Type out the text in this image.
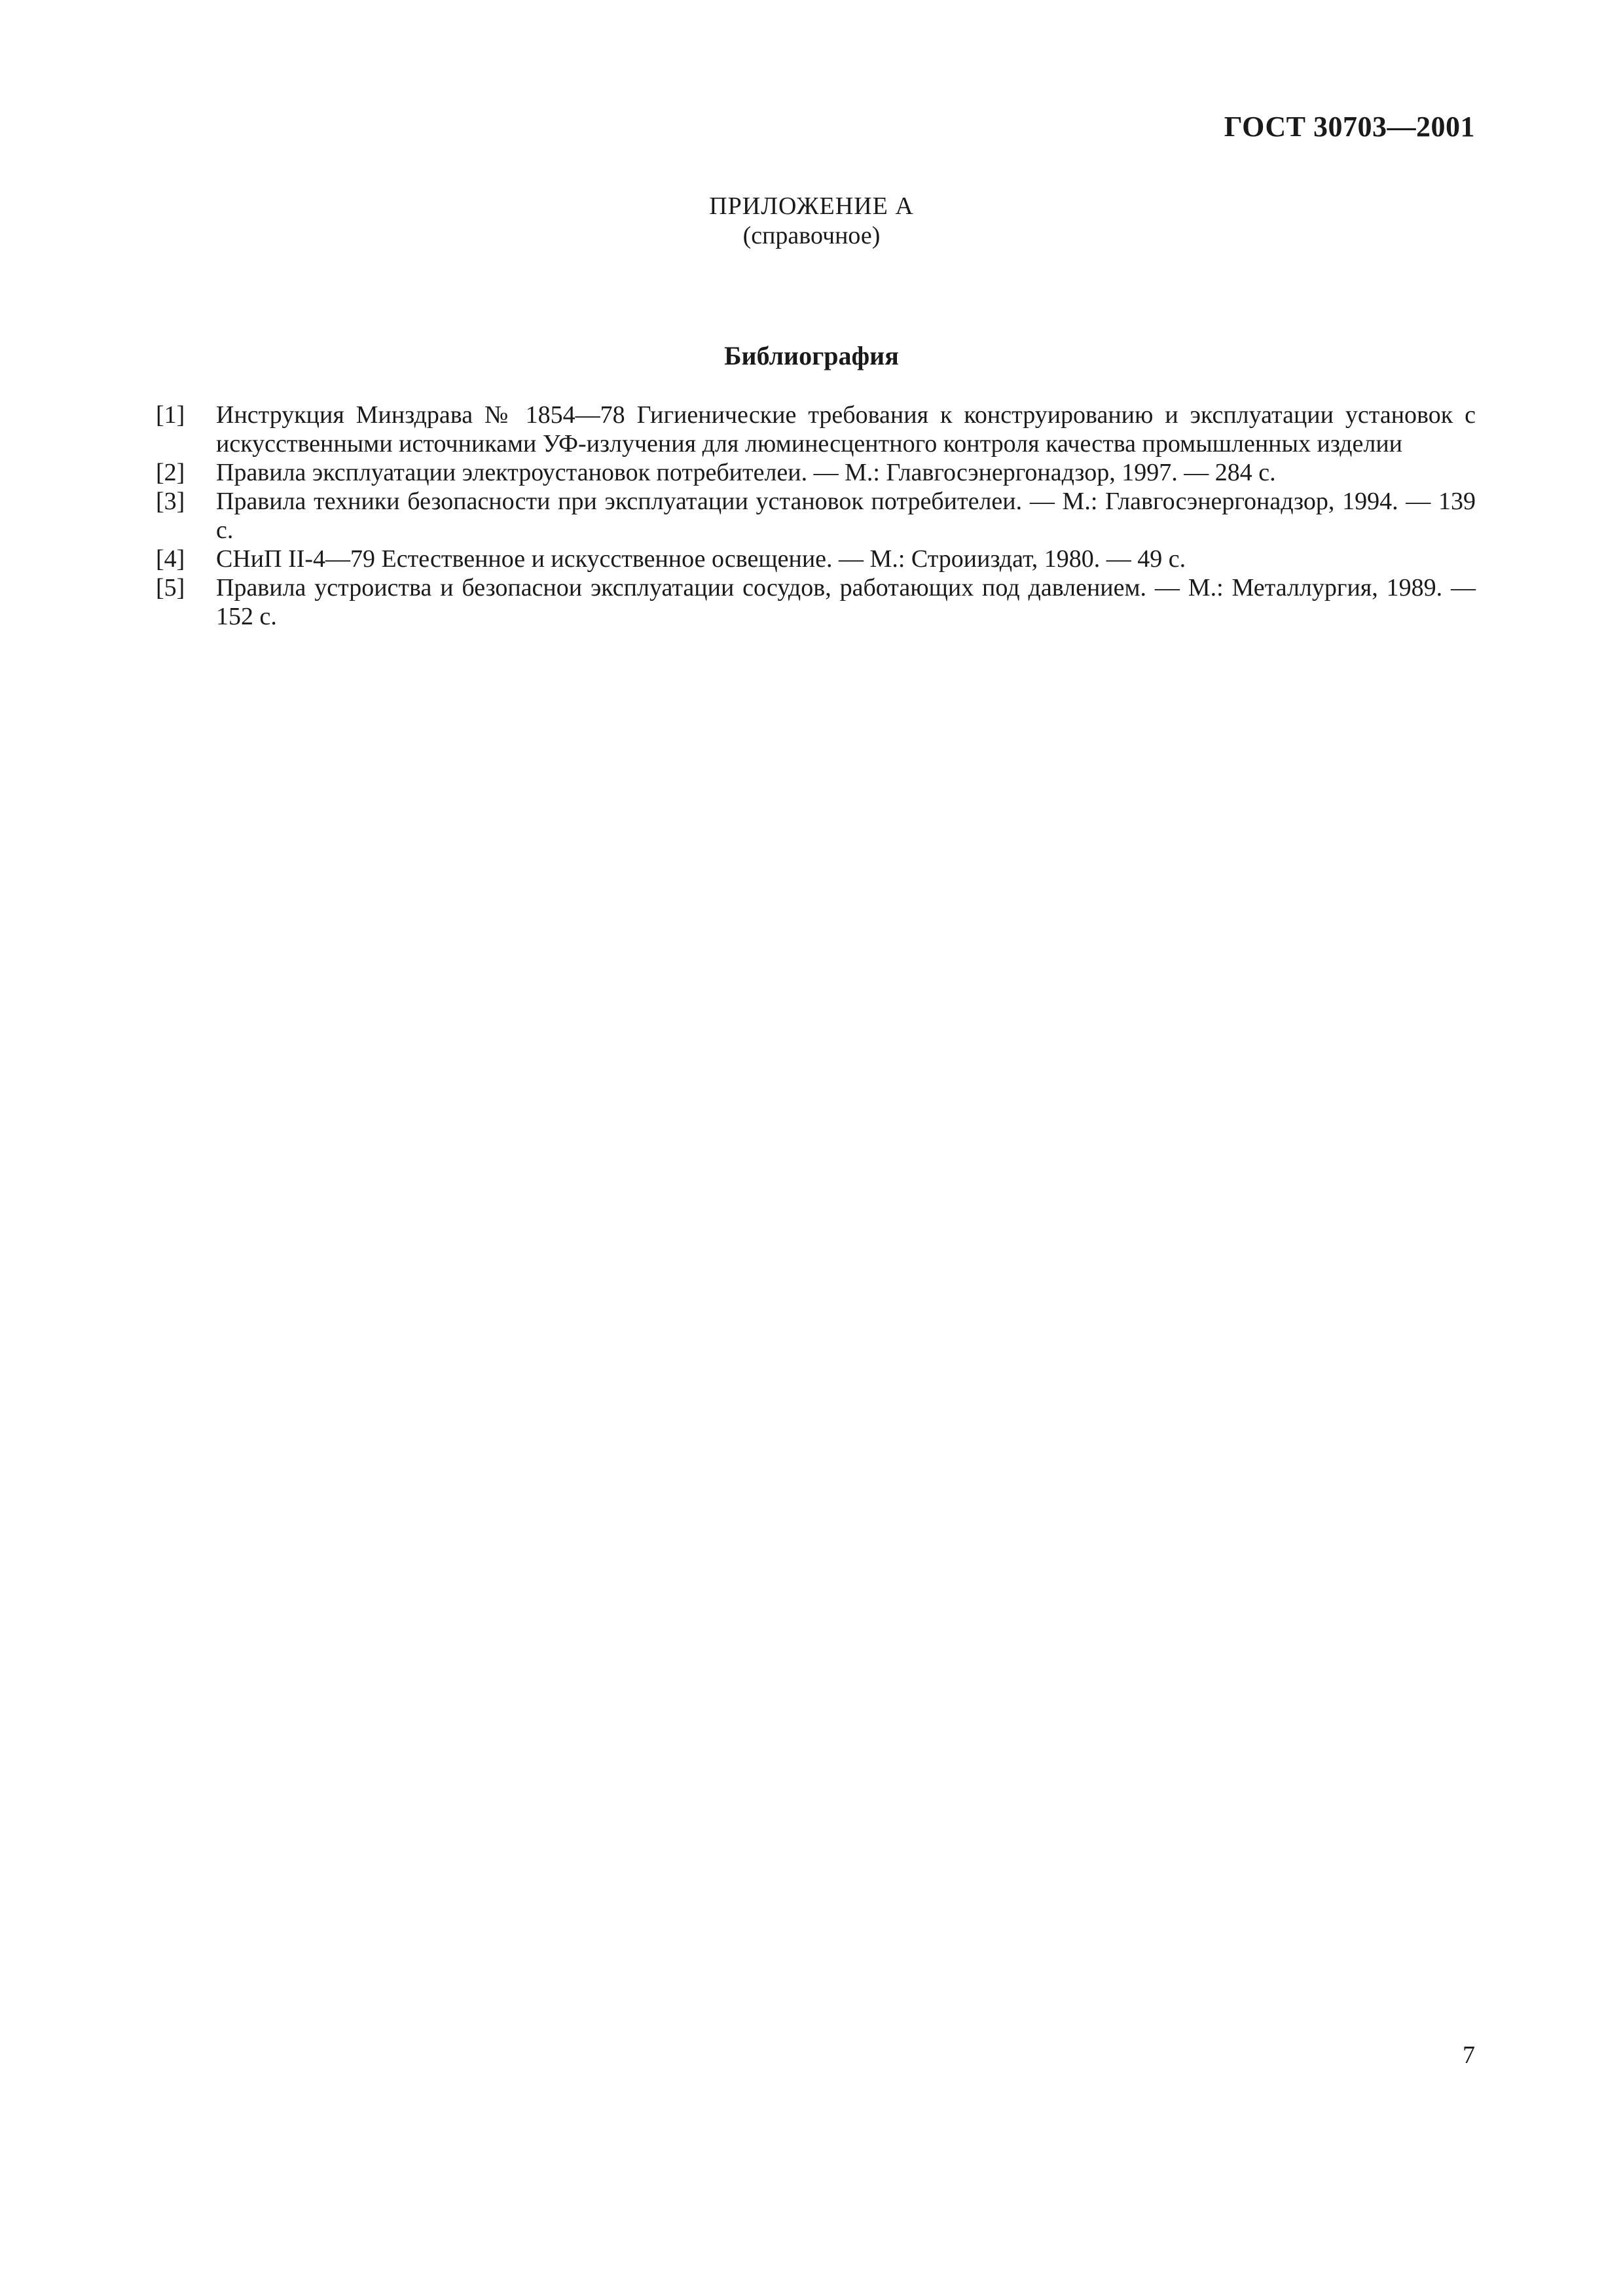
ГОСТ 30703—2001
ПРИЛОЖЕНИЕ А
(справочное)
Библиография
[1]	Инструкция Минздрава № 1854—78 Гигиенические требования к конструированию и эксплуатации установок с искусственными источниками УФ-излучения для люминесцентного контроля качества промышленных изделии
[2]	Правила эксплуатации электроустановок потребителеи. — М.: Главгосэнергонадзор, 1997. — 284 с.
[3]	Правила техники безопасности при эксплуатации установок потребителеи. — М.: Главгосэнергонадзор, 1994. — 139 с.
[4]	СНиП II-4—79 Естественное и искусственное освещение. — М.: Строииздат, 1980. — 49 с.
[5]	Правила устроиства и безопаснои эксплуатации сосудов, работающих под давлением. — М.: Металлургия, 1989. — 152 с.
7
